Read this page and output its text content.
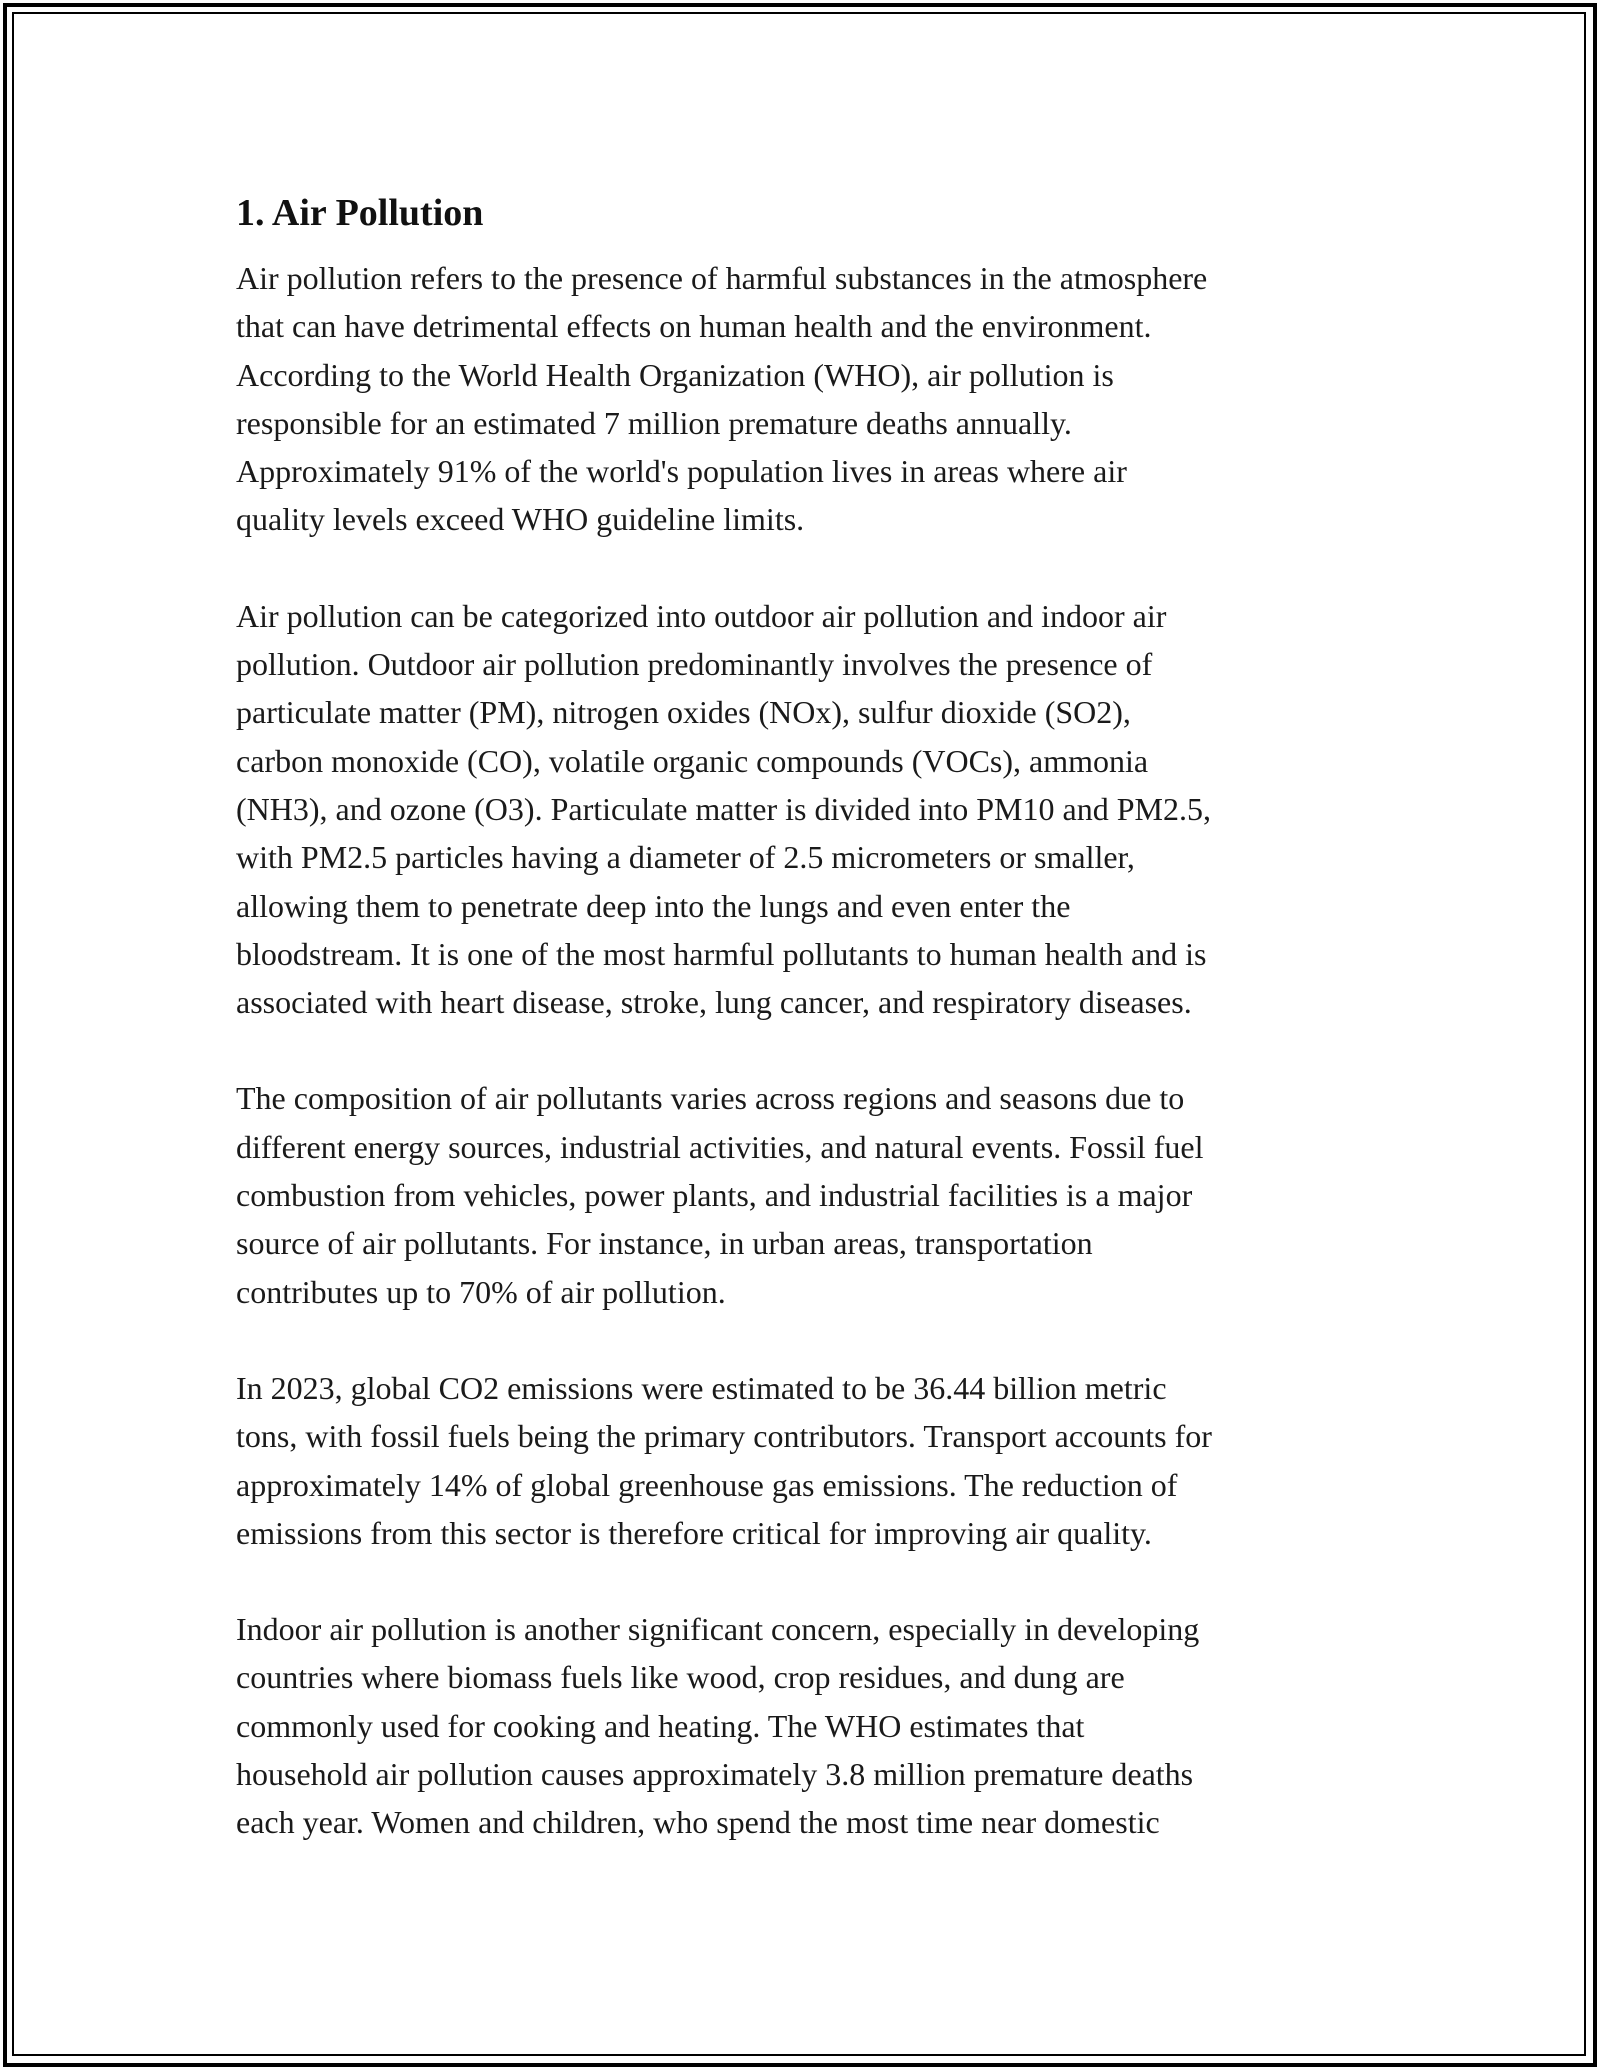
1. Air Pollution

Air pollution refers to the presence of harmful substances in the atmosphere
that can have detrimental effects on human health and the environment.
According to the World Health Organization (WHO), air pollution is
responsible for an estimated 7 million premature deaths annually.
Approximately 91% of the world's population lives in areas where air
quality levels exceed WHO guideline limits.

Air pollution can be categorized into outdoor air pollution and indoor air
pollution. Outdoor air pollution predominantly involves the presence of
particulate matter (PM), nitrogen oxides (NOx), sulfur dioxide (SO2),
carbon monoxide (CO), volatile organic compounds (VOCs), ammonia
(NH3), and ozone (O3). Particulate matter is divided into PM10 and PM2.5,
with PM2.5 particles having a diameter of 2.5 micrometers or smaller,
allowing them to penetrate deep into the lungs and even enter the
bloodstream. It is one of the most harmful pollutants to human health and is
associated with heart disease, stroke, lung cancer, and respiratory diseases.

The composition of air pollutants varies across regions and seasons due to
different energy sources, industrial activities, and natural events. Fossil fuel
combustion from vehicles, power plants, and industrial facilities is a major
source of air pollutants. For instance, in urban areas, transportation
contributes up to 70% of air pollution.

In 2023, global CO2 emissions were estimated to be 36.44 billion metric
tons, with fossil fuels being the primary contributors. Transport accounts for
approximately 14% of global greenhouse gas emissions. The reduction of
emissions from this sector is therefore critical for improving air quality.

Indoor air pollution is another significant concern, especially in developing
countries where biomass fuels like wood, crop residues, and dung are
commonly used for cooking and heating. The WHO estimates that
household air pollution causes approximately 3.8 million premature deaths
each year. Women and children, who spend the most time near domestic
